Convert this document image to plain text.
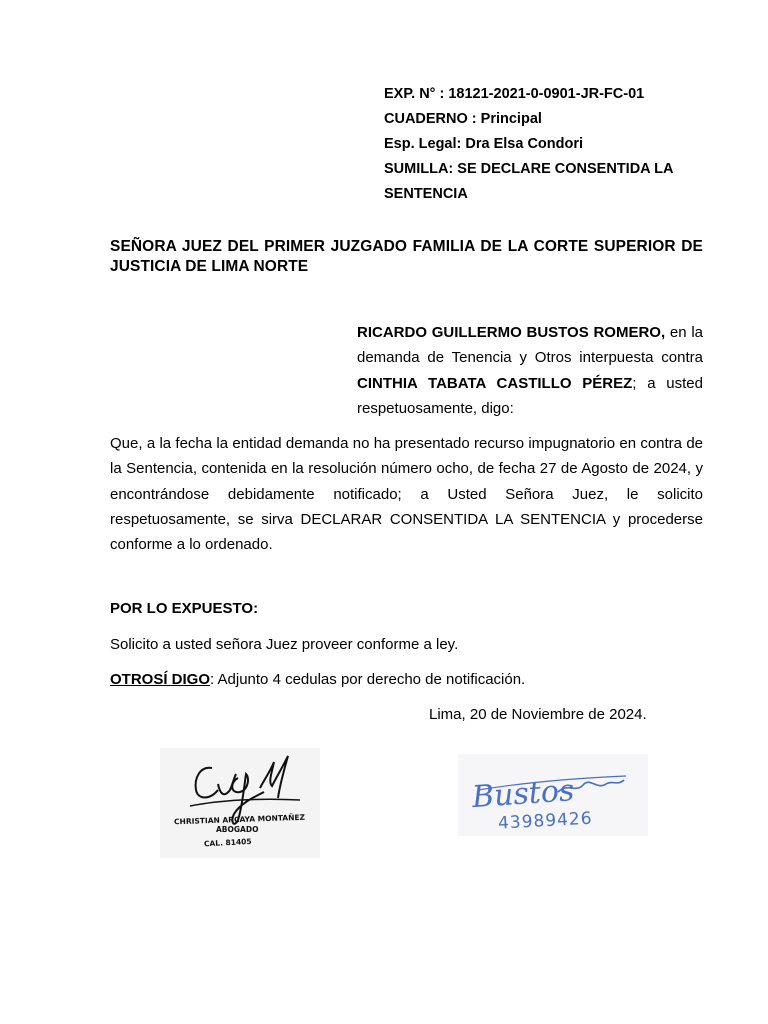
EXP. N° : 18121-2021-0-0901-JR-FC-01
CUADERNO : Principal
Esp. Legal: Dra Elsa Condori
SUMILLA: SE DECLARE CONSENTIDA LA
SENTENCIA
SEÑORA JUEZ DEL PRIMER JUZGADO FAMILIA DE LA CORTE SUPERIOR DE JUSTICIA DE LIMA NORTE
RICARDO GUILLERMO BUSTOS ROMERO, en la demanda de Tenencia y Otros interpuesta contra CINTHIA TABATA CASTILLO PÉREZ; a usted respetuosamente, digo:
Que, a la fecha la entidad demanda no ha presentado recurso impugnatorio en contra de la Sentencia, contenida en la resolución número ocho, de fecha 27 de Agosto de 2024, y encontrándose debidamente notificado; a Usted Señora Juez, le solicito respetuosamente, se sirva DECLARAR CONSENTIDA LA SENTENCIA y procederse conforme a lo ordenado.
POR LO EXPUESTO:
Solicito a usted señora Juez proveer conforme a ley.
OTROSÍ DIGO: Adjunto 4 cedulas por derecho de notificación.
Lima, 20 de Noviembre de 2024.
CHRISTIAN ARCAYA MONTAÑEZ
ABOGADO
CAL. 81405
Bustos
43989426
